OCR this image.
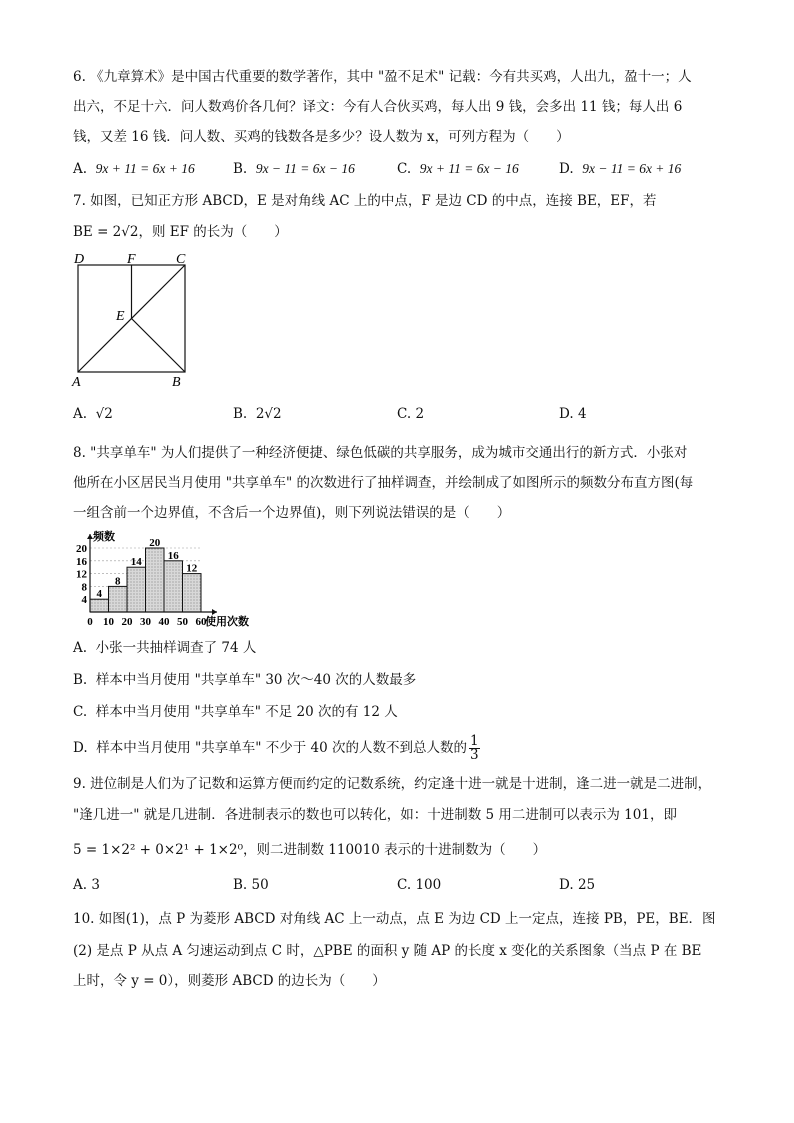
6. 《九章算术》是中国古代重要的数学著作，其中 "盈不足术" 记载：今有共买鸡，人出九，盈十一；人
出六，不足十六．问人数鸡价各几何？译文：今有人合伙买鸡，每人出 9 钱，会多出 11 钱；每人出 6
钱，又差 16 钱．问人数、买鸡的钱数各是多少？设人数为 x，可列方程为（　　）
A. 9x + 11 = 6x + 16	B. 9x − 11 = 6x − 16	C. 9x + 11 = 6x − 16	D. 9x − 11 = 6x + 16
7. 如图，已知正方形 ABCD，E 是对角线 AC 上的中点，F 是边 CD 的中点，连接 BE，EF，若
BE = 2√2，则 EF 的长为（　　）
D	F	C
E
A	B
A. √2	B. 2√2	C. 2	D. 4
8. "共享单车" 为人们提供了一种经济便捷、绿色低碳的共享服务，成为城市交通出行的新方式．小张对
他所在小区居民当月使用 "共享单车" 的次数进行了抽样调查，并绘制成了如图所示的频数分布直方图(每
一组含前一个边界值，不含后一个边界值)，则下列说法错误的是（　　）
4
8
14
20
16
12
0 10 20 30 40 50 60
4
8
12
16
20
频数
使用次数
A. 小张一共抽样调查了 74 人
B. 样本中当月使用 "共享单车" 30 次～40 次的人数最多
C. 样本中当月使用 "共享单车" 不足 20 次的有 12 人
D. 样本中当月使用 "共享单车" 不少于 40 次的人数不到总人数的 $\frac{1}{3}$
9. 进位制是人们为了记数和运算方便而约定的记数系统，约定逢十进一就是十进制，逢二进一就是二进制，
"逢几进一" 就是几进制．各进制表示的数也可以转化，如：十进制数 5 用二进制可以表示为 101，即
5 = 1×2² + 0×2¹ + 1×2⁰，则二进制数 110010 表示的十进制数为（　　）
A. 3	B. 50	C. 100	D. 25
10. 如图(1)，点 P 为菱形 ABCD 对角线 AC 上一动点，点 E 为边 CD 上一定点，连接 PB，PE，BE．图
(2) 是点 P 从点 A 匀速运动到点 C 时，△PBE 的面积 y 随 AP 的长度 x 变化的关系图象（当点 P 在 BE
上时，令 y = 0），则菱形 ABCD 的边长为（　　）
